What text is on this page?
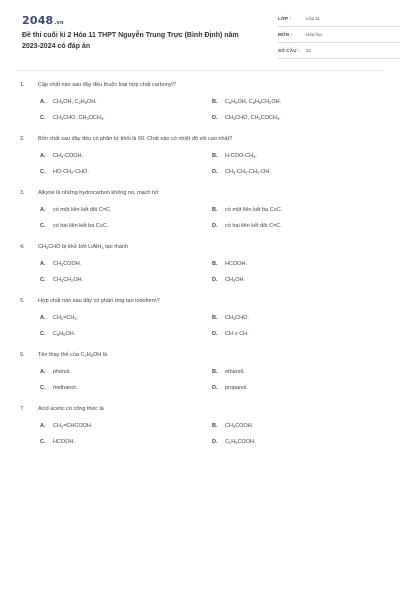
2048.vn
Đề thi cuối kì 2 Hóa 11 THPT Nguyễn Trung Trực (Bình Định) năm 2023-2024 có đáp án
LỚP :	Lớp 11
MÔN :	Hóa học
SỐ CÂU : 31
1. Cặp chất nào sau đây đều thuộc loại hợp chất carbonyl?
A. $CH_3OH$, $C_2H_5OH$.	B. $C_6H_5OH$, $C_6H_5CH_2OH$.
C. $CH_3CHO$, $CH_3OCH_3$.	D. $CH_3CHO$, $CH_3COCH_3$.
2. Bốn chất sau đây đều có phân tử khối là 60. Chất nào có nhiệt độ sôi cao nhất?
A. $CH_3$-COOH.	B. $H-COO-CH_3$.
C. $HO-CH_2$-CHO.	D. $CH_3-CH_2-CH_2-OH$.
3. Alkyne là những hydrocarbon không no, mạch hở
A. có một liên kết đôi C=C.	B. có một liên kết ba C≡C.
C. có hai liên kết ba C≡C.	D. có hai liên kết đôi C=C.
4. $CH_3CHO$ bị khử bởi LiAlH$_4$ tạo thành
A. $CH_3COOH$.	B. HCOOH.
C. $CH_3CH_2OH$.	D. $CH_3OH$.
5. Hợp chất nào sau đây có phản ứng tạo iodoform?
A. $CH_2=CH_2$.	B. $CH_3CHO$.
C. $C_6H_5OH$.	D. CH ≡ CH.
6. Tên thay thế của $C_2H_5OH$ là
A. phenol.	B. ethanol.
C. methanol.	D. propanol.
7. Acid acetic có công thức là
A. $CH_2=CHCOOH$.	B. $CH_3COOH$.
C. HCOOH.	D. $C_2H_5COOH$.
